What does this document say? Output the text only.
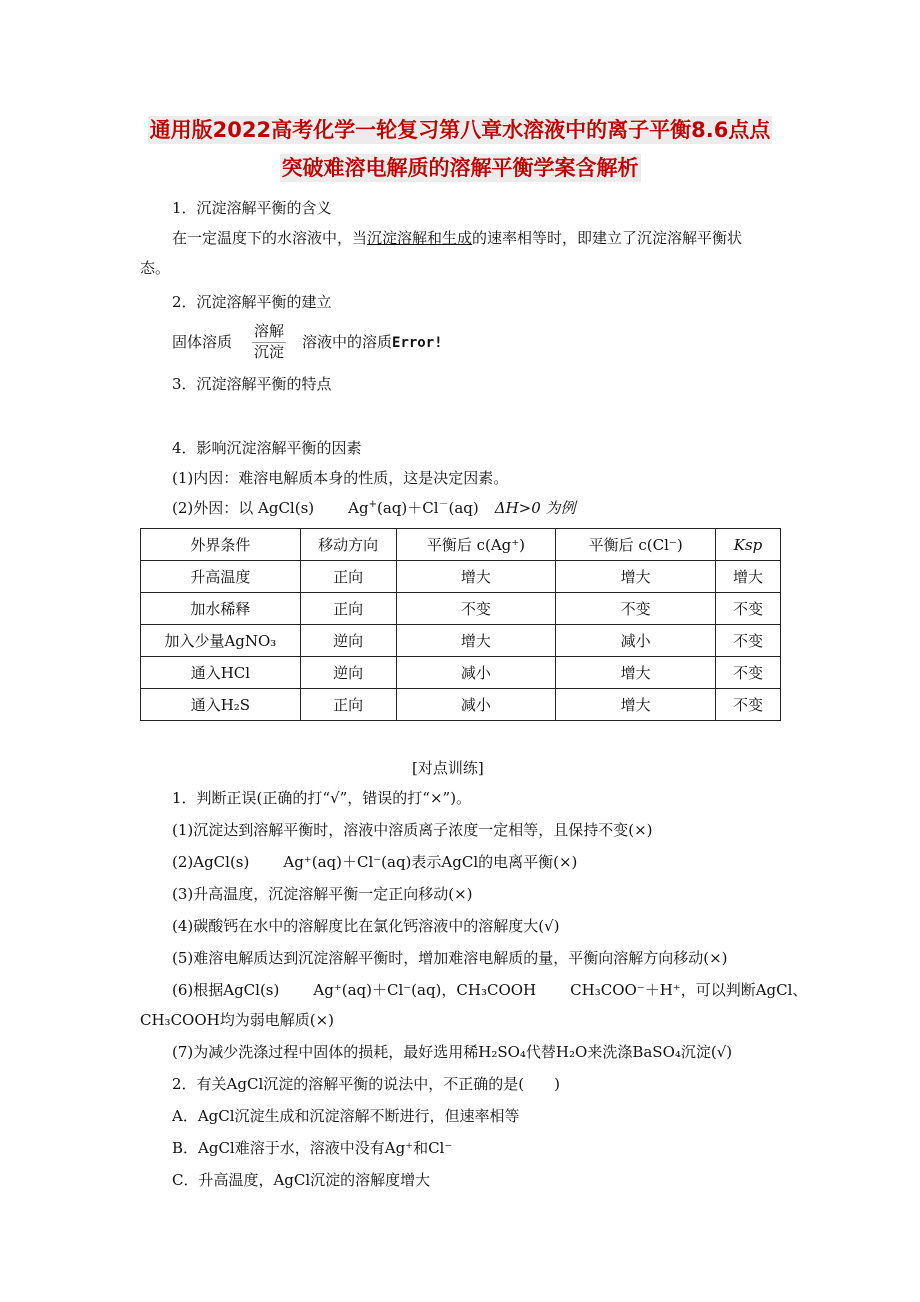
通用版2022高考化学一轮复习第八章水溶液中的离子平衡8.6点点
突破难溶电解质的溶解平衡学案含解析
1．沉淀溶解平衡的含义
在一定温度下的水溶液中，当沉淀溶解和生成的速率相等时，即建立了沉淀溶解平衡状
态。
2．沉淀溶解平衡的建立
固体溶质
溶解
沉淀
溶液中的溶质Error!
3．沉淀溶解平衡的特点
4．影响沉淀溶解平衡的因素
(1)内因：难溶电解质本身的性质，这是决定因素。
(2)外因：以 AgCl(s) Ag+(aq)＋Cl－(aq) ΔH>0 为例
外界条件	移动方向	平衡后 c(Ag⁺)	平衡后 c(Cl⁻)	Ksp
升高温度	正向	增大	增大	增大
加水稀释	正向	不变	不变	不变
加入少量AgNO₃	逆向	增大	减小	不变
通入HCl	逆向	减小	增大	不变
通入H₂S	正向	减小	增大	不变
[对点训练]
1．判断正误(正确的打“√”，错误的打“×”)。
(1)沉淀达到溶解平衡时，溶液中溶质离子浓度一定相等，且保持不变(×)
(2)AgCl(s) Ag⁺(aq)＋Cl⁻(aq)表示AgCl的电离平衡(×)
(3)升高温度，沉淀溶解平衡一定正向移动(×)
(4)碳酸钙在水中的溶解度比在氯化钙溶液中的溶解度大(√)
(5)难溶电解质达到沉淀溶解平衡时，增加难溶电解质的量，平衡向溶解方向移动(×)
(6)根据AgCl(s) Ag⁺(aq)＋Cl⁻(aq)，CH₃COOH CH₃COO⁻＋H⁺，可以判断AgCl、
CH₃COOH均为弱电解质(×)
(7)为减少洗涤过程中固体的损耗，最好选用稀H₂SO₄代替H₂O来洗涤BaSO₄沉淀(√)
2．有关AgCl沉淀的溶解平衡的说法中，不正确的是(　　)
A．AgCl沉淀生成和沉淀溶解不断进行，但速率相等
B．AgCl难溶于水，溶液中没有Ag⁺和Cl⁻
C．升高温度，AgCl沉淀的溶解度增大
